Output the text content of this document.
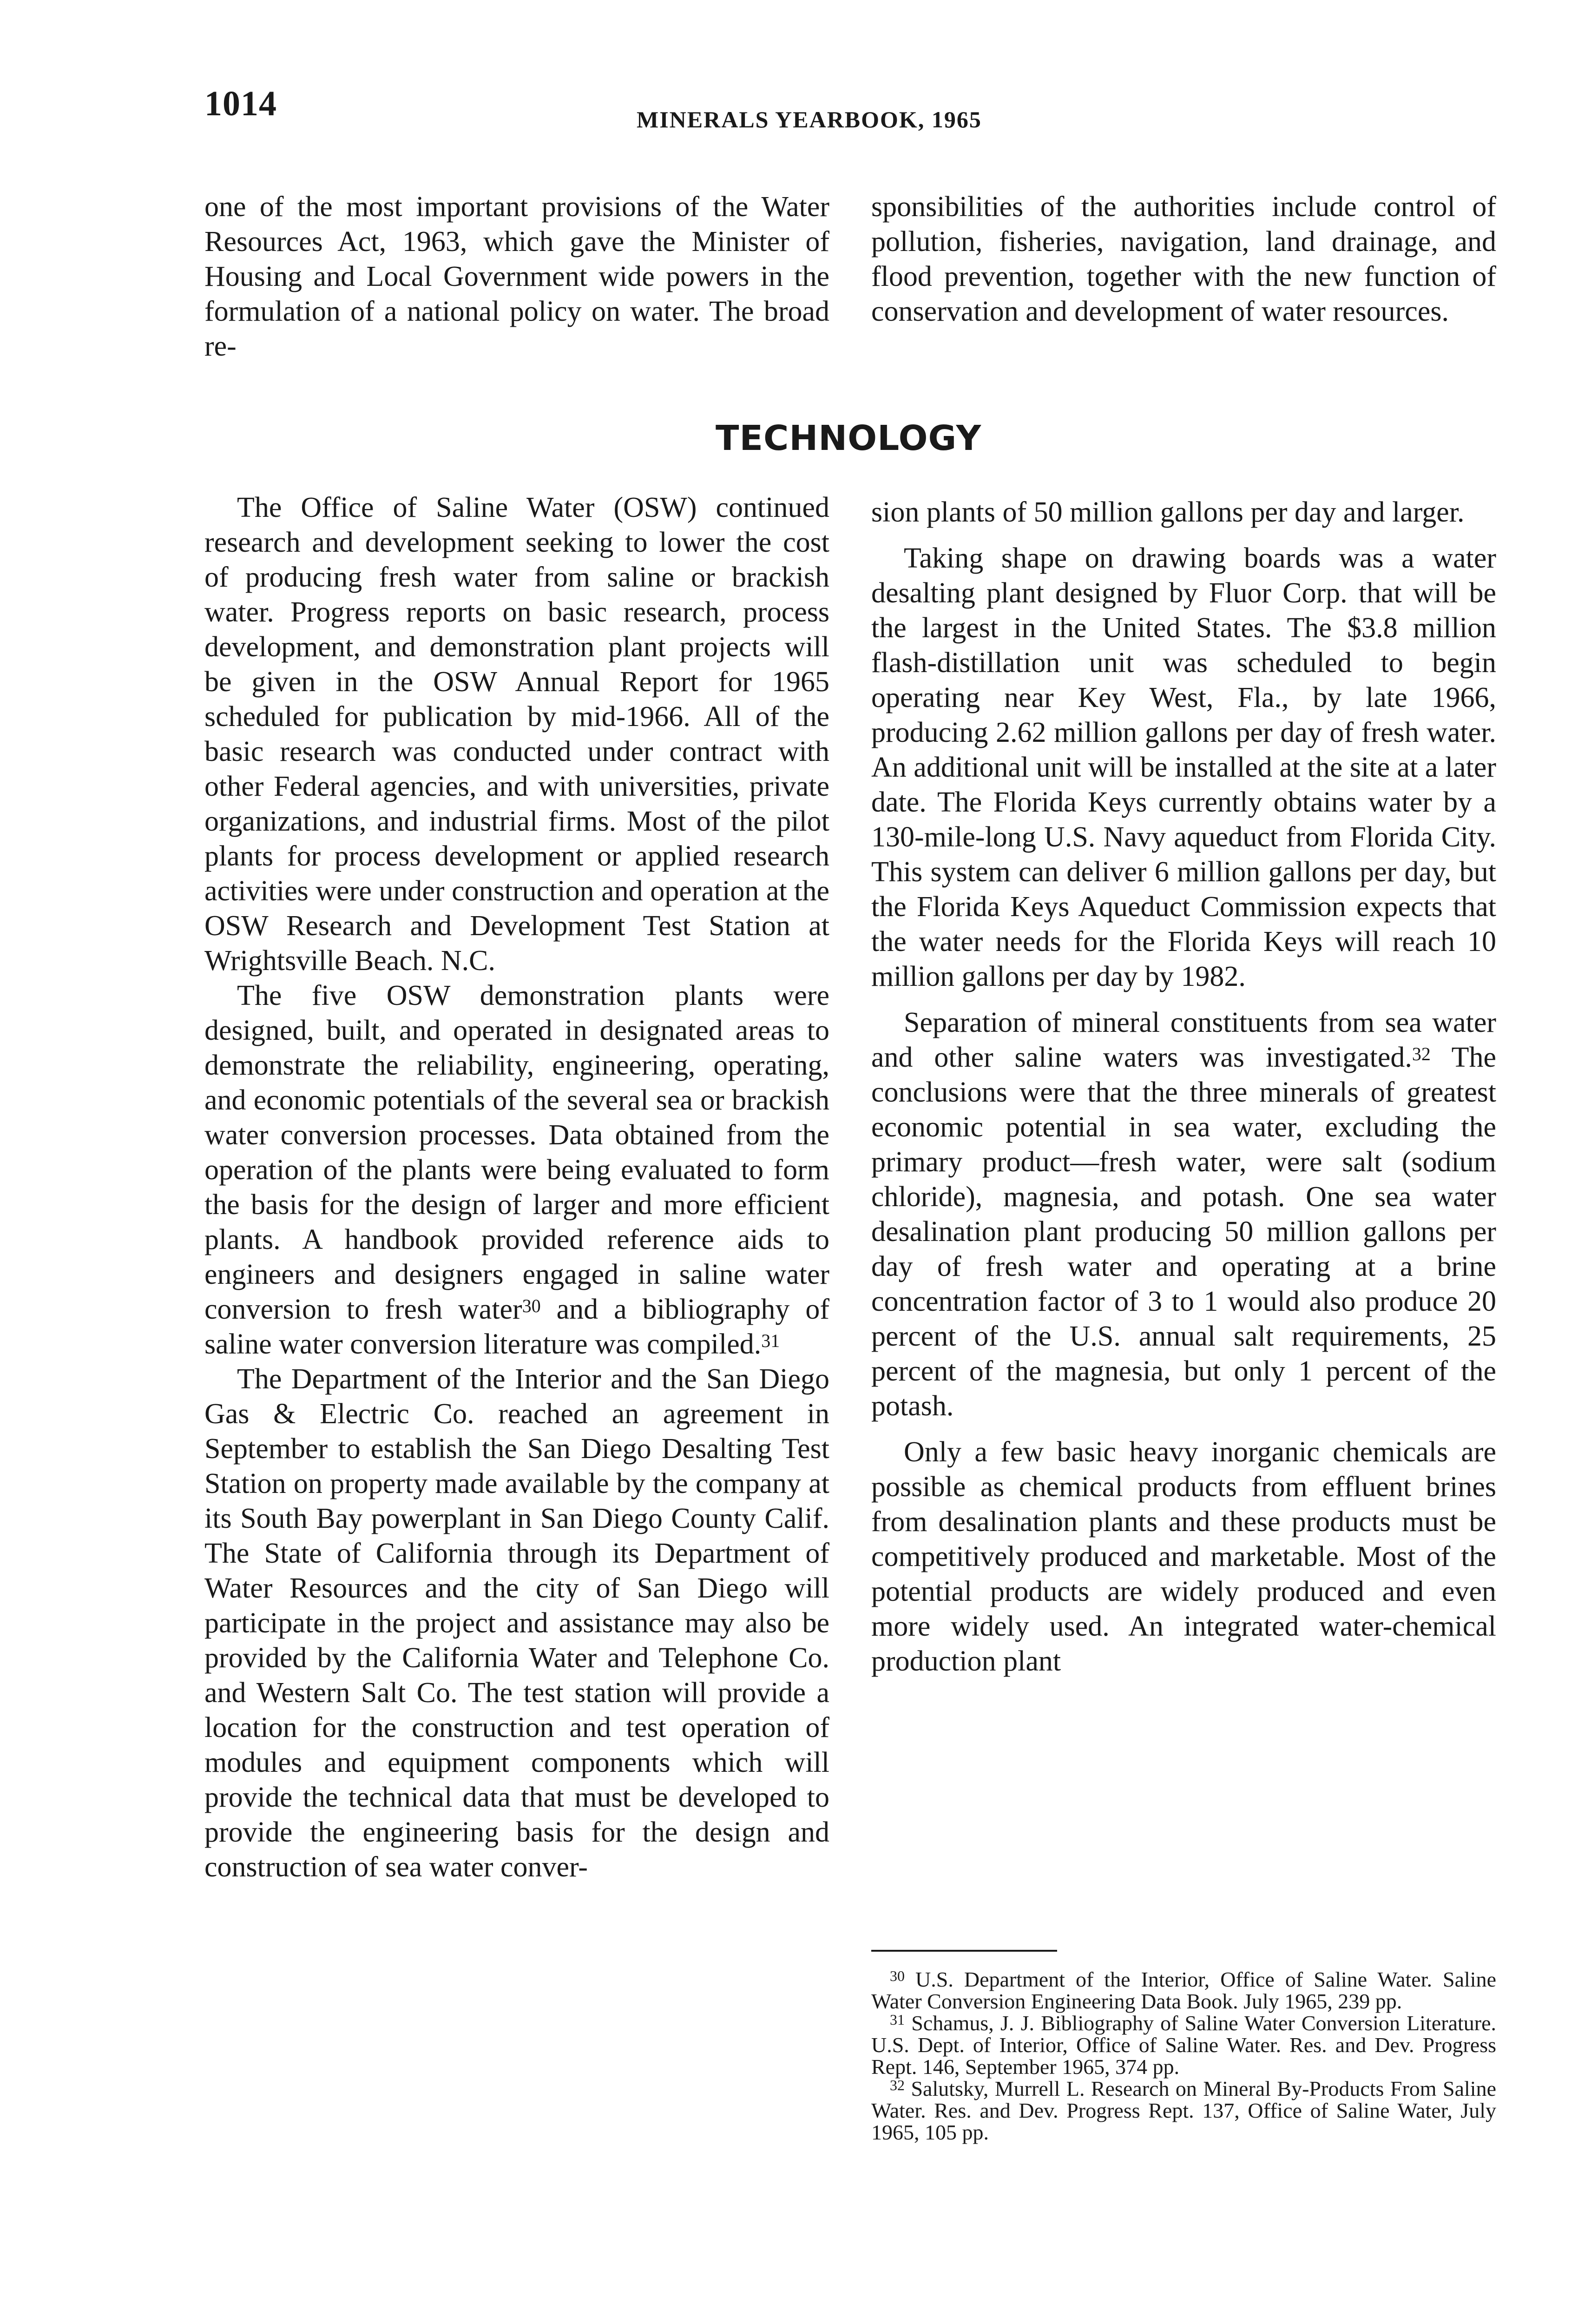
1014	MINERALS YEARBOOK, 1965

one of the most important provisions of the Water Resources Act, 1963, which gave the Minister of Housing and Local Government wide powers in the formulation of a national policy on water. The broad re-

sponsibilities of the authorities include control of pollution, fisheries, navigation, land drainage, and flood prevention, together with the new function of conservation and development of water resources.

TECHNOLOGY

The Office of Saline Water (OSW) continued research and development seeking to lower the cost of producing fresh water from saline or brackish water. Progress reports on basic research, process development, and demonstration plant projects will be given in the OSW Annual Report for 1965 scheduled for publication by mid-1966. All of the basic research was conducted under contract with other Federal agencies, and with universities, private organizations, and industrial firms. Most of the pilot plants for process development or applied research activities were under construction and operation at the OSW Research and Development Test Station at Wrightsville Beach. N.C.

The five OSW demonstration plants were designed, built, and operated in designated areas to demonstrate the reliability, engineering, operating, and economic potentials of the several sea or brackish water conversion processes. Data obtained from the operation of the plants were being evaluated to form the basis for the design of larger and more efficient plants. A handbook provided reference aids to engineers and designers engaged in saline water conversion to fresh water$^{30}$ and a bibliography of saline water conversion literature was compiled.$^{31}$

The Department of the Interior and the San Diego Gas & Electric Co. reached an agreement in September to establish the San Diego Desalting Test Station on property made available by the company at its South Bay powerplant in San Diego County Calif. The State of California through its Department of Water Resources and the city of San Diego will participate in the project and assistance may also be provided by the California Water and Telephone Co. and Western Salt Co. The test station will provide a location for the construction and test operation of modules and equipment components which will provide the technical data that must be developed to provide the engineering basis for the design and construction of sea water conver-

sion plants of 50 million gallons per day and larger.

Taking shape on drawing boards was a water desalting plant designed by Fluor Corp. that will be the largest in the United States. The $3.8 million flash-distillation unit was scheduled to begin operating near Key West, Fla., by late 1966, producing 2.62 million gallons per day of fresh water. An additional unit will be installed at the site at a later date. The Florida Keys currently obtains water by a 130-mile-long U.S. Navy aqueduct from Florida City. This system can deliver 6 million gallons per day, but the Florida Keys Aqueduct Commission expects that the water needs for the Florida Keys will reach 10 million gallons per day by 1982.

Separation of mineral constituents from sea water and other saline waters was investigated.$^{32}$ The conclusions were that the three minerals of greatest economic potential in sea water, excluding the primary product—fresh water, were salt (sodium chloride), magnesia, and potash. One sea water desalination plant producing 50 million gallons per day of fresh water and operating at a brine concentration factor of 3 to 1 would also produce 20 percent of the U.S. annual salt requirements, 25 percent of the magnesia, but only 1 percent of the potash.

Only a few basic heavy inorganic chemicals are possible as chemical products from effluent brines from desalination plants and these products must be competitively produced and marketable. Most of the potential products are widely produced and even more widely used. An integrated water-chemical production plant

$^{30}$ U.S. Department of the Interior, Office of Saline Water. Saline Water Conversion Engineering Data Book. July 1965, 239 pp.

$^{31}$ Schamus, J. J. Bibliography of Saline Water Conversion Literature. U.S. Dept. of Interior, Office of Saline Water. Res. and Dev. Progress Rept. 146, September 1965, 374 pp.

$^{32}$ Salutsky, Murrell L. Research on Mineral By-Products From Saline Water. Res. and Dev. Progress Rept. 137, Office of Saline Water, July 1965, 105 pp.
